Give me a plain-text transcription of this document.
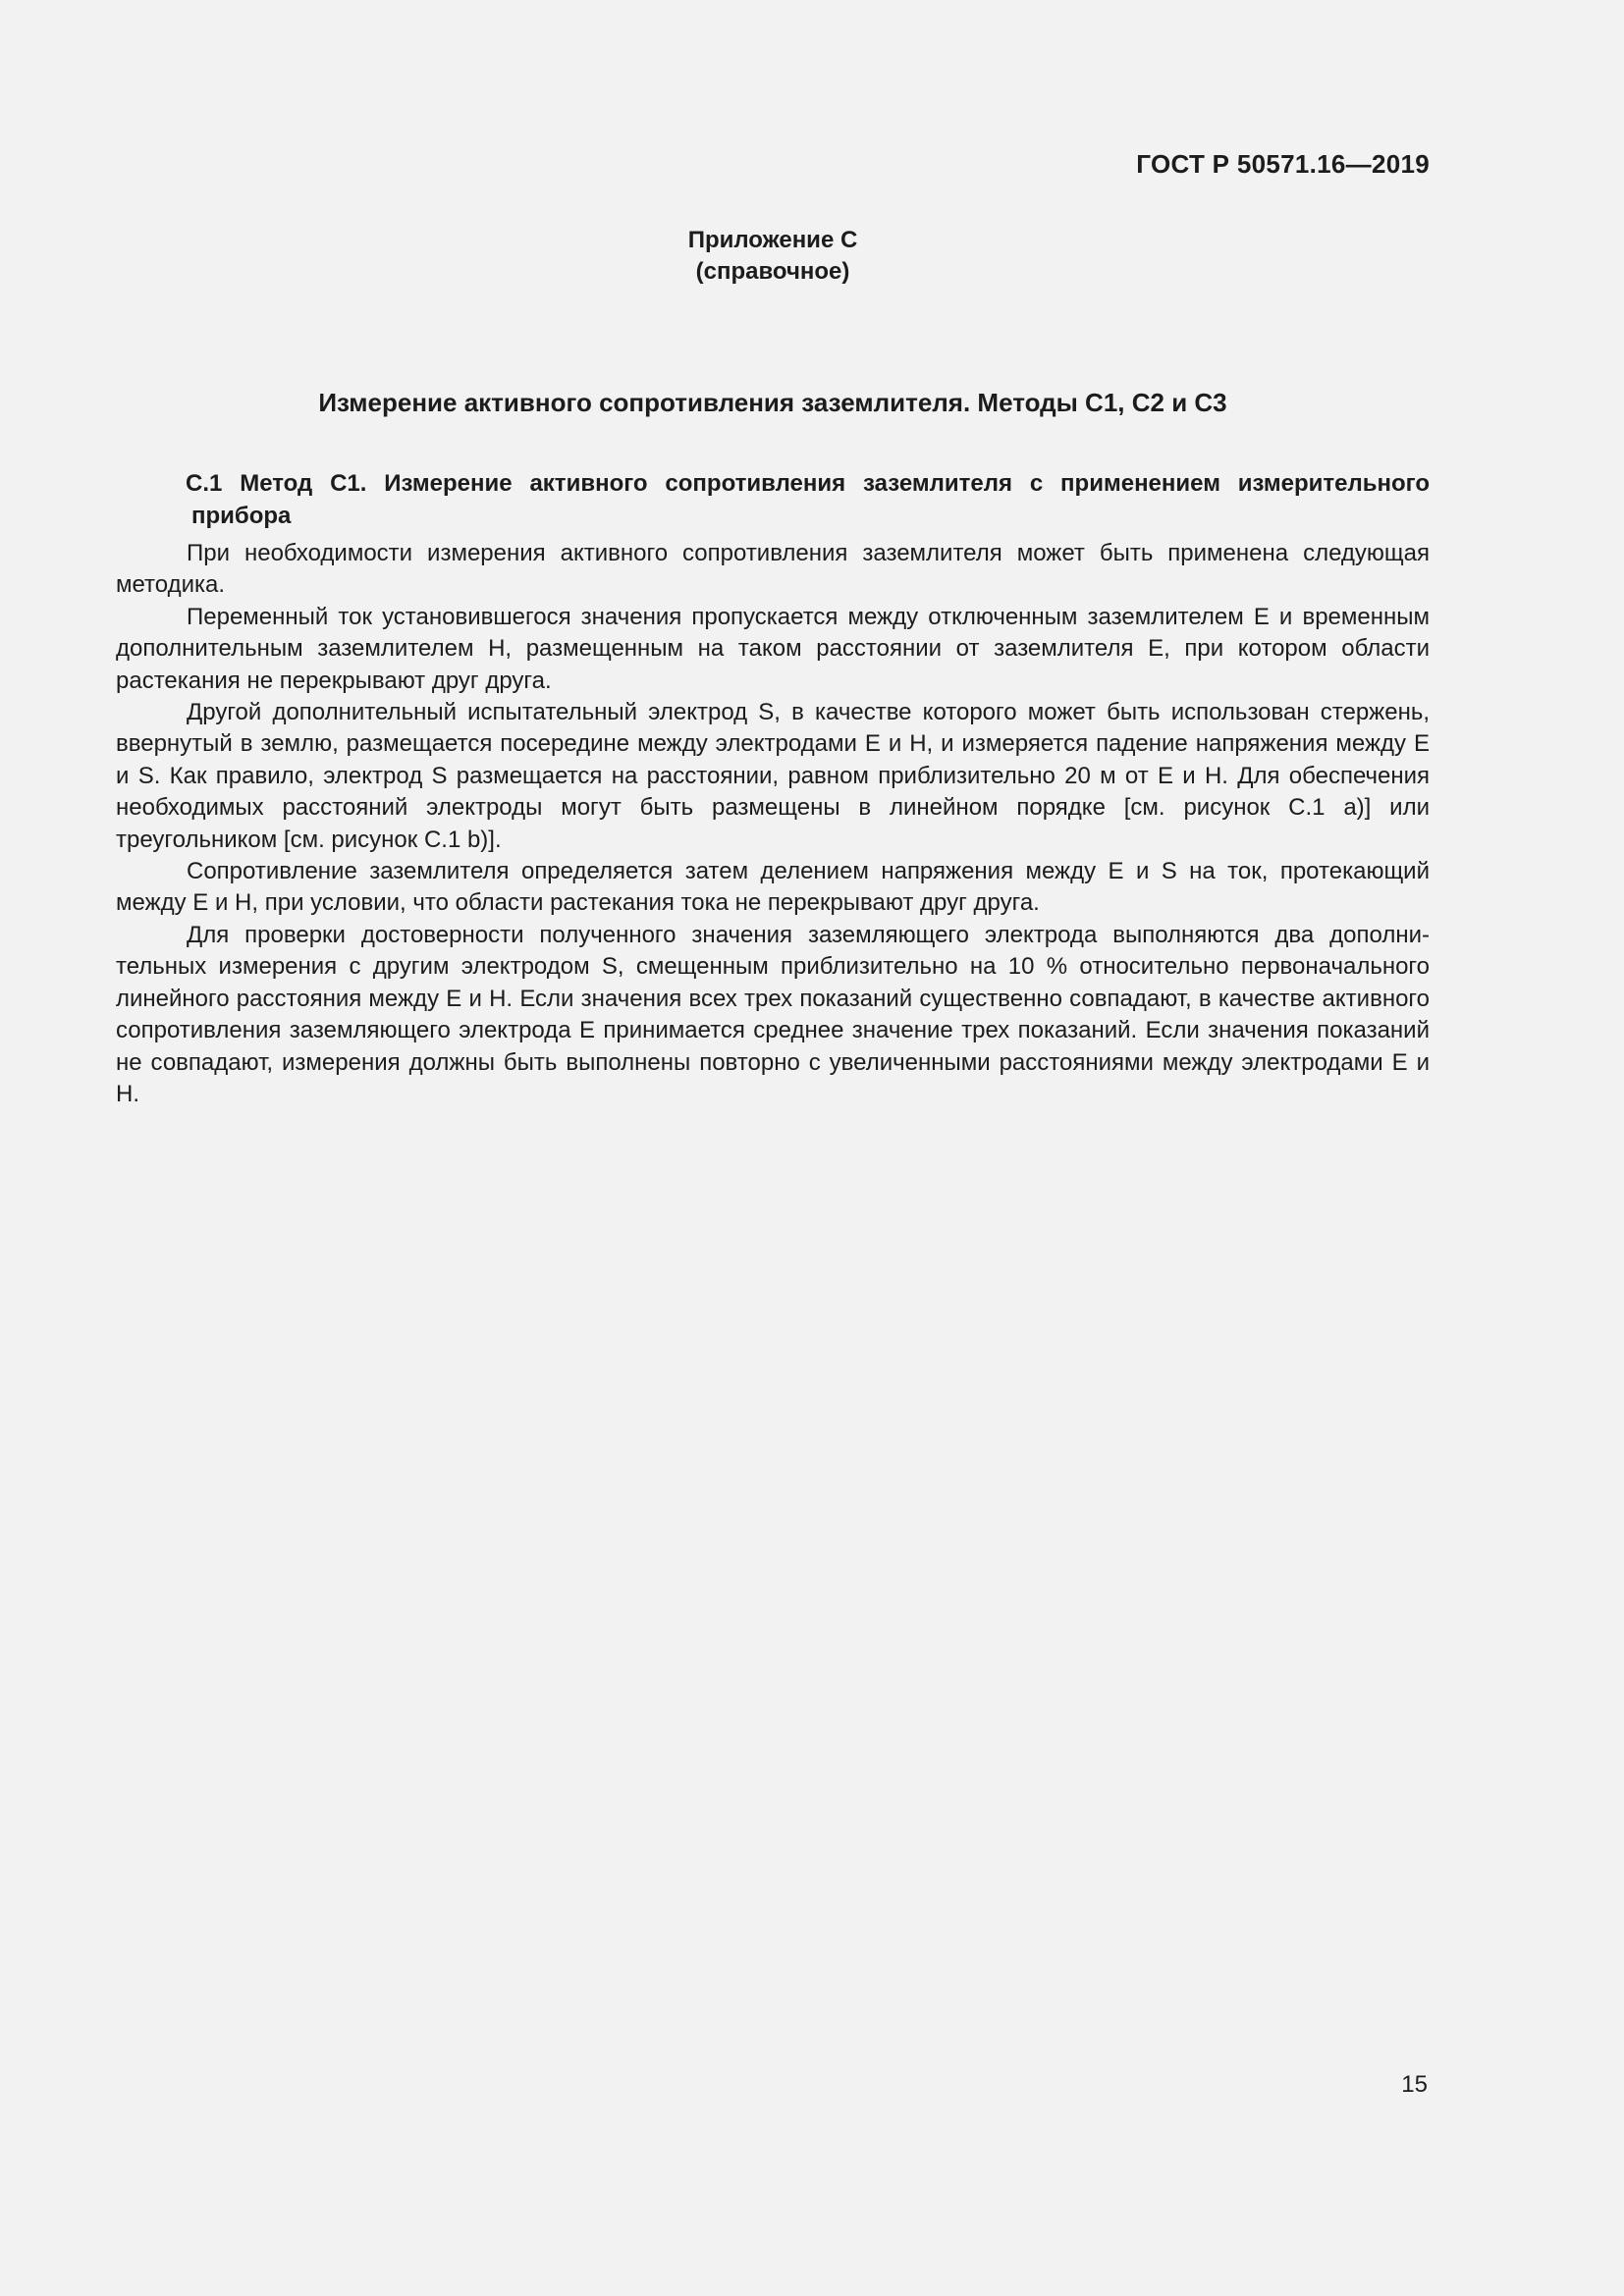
ГОСТ Р 50571.16—2019
Приложение С
(справочное)
Измерение активного сопротивления заземлителя. Методы С1, С2 и С3
С.1 Метод С1. Измерение активного сопротивления заземлителя с применением измерительного
прибора

При необходимости измерения активного сопротивления заземлителя может быть применена следующая методика.

Переменный ток установившегося значения пропускается между отключенным заземлителем Е и временным дополнительным заземлителем Н, размещенным на таком расстоянии от заземлителя Е, при котором области растекания не перекрывают друг друга.

Другой дополнительный испытательный электрод S, в качестве которого может быть использован стержень, ввернутый в землю, размещается посередине между электродами Е и Н, и измеряется падение напряжения между Е и S. Как правило, электрод S размещается на расстоянии, равном приблизительно 20 м от Е и Н. Для обеспечения необходимых расстояний электроды могут быть размещены в линейном порядке [см. рисунок С.1 а)] или треугольником [см. рисунок С.1 b)].

Сопротивление заземлителя определяется затем делением напряжения между Е и S на ток, протекающий между Е и Н, при условии, что области растекания тока не перекрывают друг друга.

Для проверки достоверности полученного значения заземляющего электрода выполняются два дополнительных измерения с другим электродом S, смещенным приблизительно на 10 % относительно первоначального линейного расстояния между Е и Н. Если значения всех трех показаний существенно совпадают, в качестве активного сопротивления заземляющего электрода Е принимается среднее значение трех показаний. Если значения показаний не совпадают, измерения должны быть выполнены повторно с увеличенными расстояниями между электродами Е и Н.

15
